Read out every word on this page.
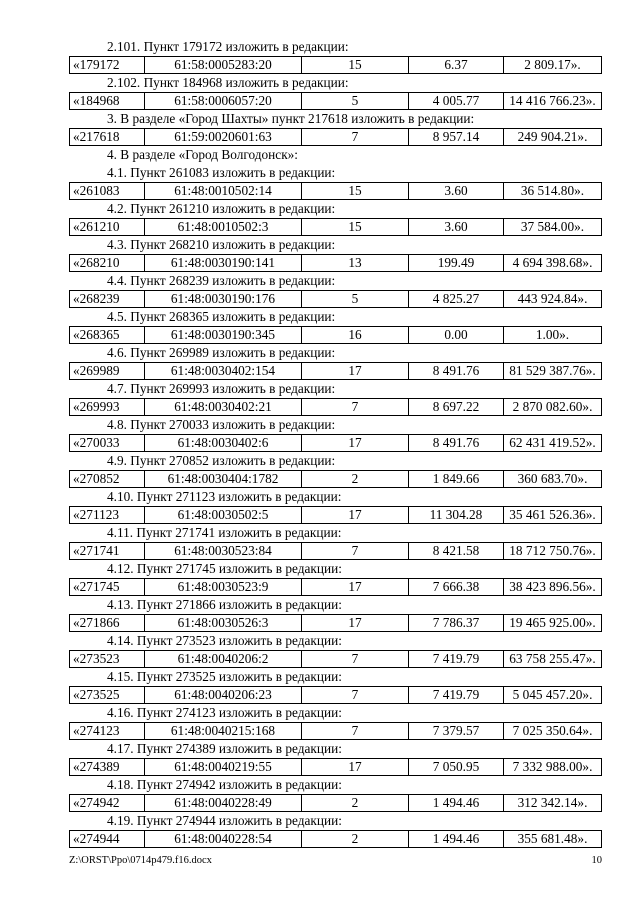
2.101. Пункт 179172 изложить в редакции:
«179172	61:58:0005283:20	15	6.37	2 809.17».
2.102. Пункт 184968 изложить в редакции:
«184968	61:58:0006057:20	5	4 005.77	14 416 766.23».
3. В разделе «Город Шахты» пункт 217618 изложить в редакции:
«217618	61:59:0020601:63	7	8 957.14	249 904.21».
4. В разделе «Город Волгодонск»:
4.1. Пункт 261083 изложить в редакции:
«261083	61:48:0010502:14	15	3.60	36 514.80».
4.2. Пункт 261210 изложить в редакции:
«261210	61:48:0010502:3	15	3.60	37 584.00».
4.3. Пункт 268210 изложить в редакции:
«268210	61:48:0030190:141	13	199.49	4 694 398.68».
4.4. Пункт 268239 изложить в редакции:
«268239	61:48:0030190:176	5	4 825.27	443 924.84».
4.5. Пункт 268365 изложить в редакции:
«268365	61:48:0030190:345	16	0.00	1.00».
4.6. Пункт 269989 изложить в редакции:
«269989	61:48:0030402:154	17	8 491.76	81 529 387.76».
4.7. Пункт 269993 изложить в редакции:
«269993	61:48:0030402:21	7	8 697.22	2 870 082.60».
4.8. Пункт 270033 изложить в редакции:
«270033	61:48:0030402:6	17	8 491.76	62 431 419.52».
4.9. Пункт 270852 изложить в редакции:
«270852	61:48:0030404:1782	2	1 849.66	360 683.70».
4.10. Пункт 271123 изложить в редакции:
«271123	61:48:0030502:5	17	11 304.28	35 461 526.36».
4.11. Пункт 271741 изложить в редакции:
«271741	61:48:0030523:84	7	8 421.58	18 712 750.76».
4.12. Пункт 271745 изложить в редакции:
«271745	61:48:0030523:9	17	7 666.38	38 423 896.56».
4.13. Пункт 271866 изложить в редакции:
«271866	61:48:0030526:3	17	7 786.37	19 465 925.00».
4.14. Пункт 273523 изложить в редакции:
«273523	61:48:0040206:2	7	7 419.79	63 758 255.47».
4.15. Пункт 273525 изложить в редакции:
«273525	61:48:0040206:23	7	7 419.79	5 045 457.20».
4.16. Пункт 274123 изложить в редакции:
«274123	61:48:0040215:168	7	7 379.57	7 025 350.64».
4.17. Пункт 274389 изложить в редакции:
«274389	61:48:0040219:55	17	7 050.95	7 332 988.00».
4.18. Пункт 274942 изложить в редакции:
«274942	61:48:0040228:49	2	1 494.46	312 342.14».
4.19. Пункт 274944 изложить в редакции:
«274944	61:48:0040228:54	2	1 494.46	355 681.48».
Z:\ORST\Ppo\0714p479.f16.docx	10
